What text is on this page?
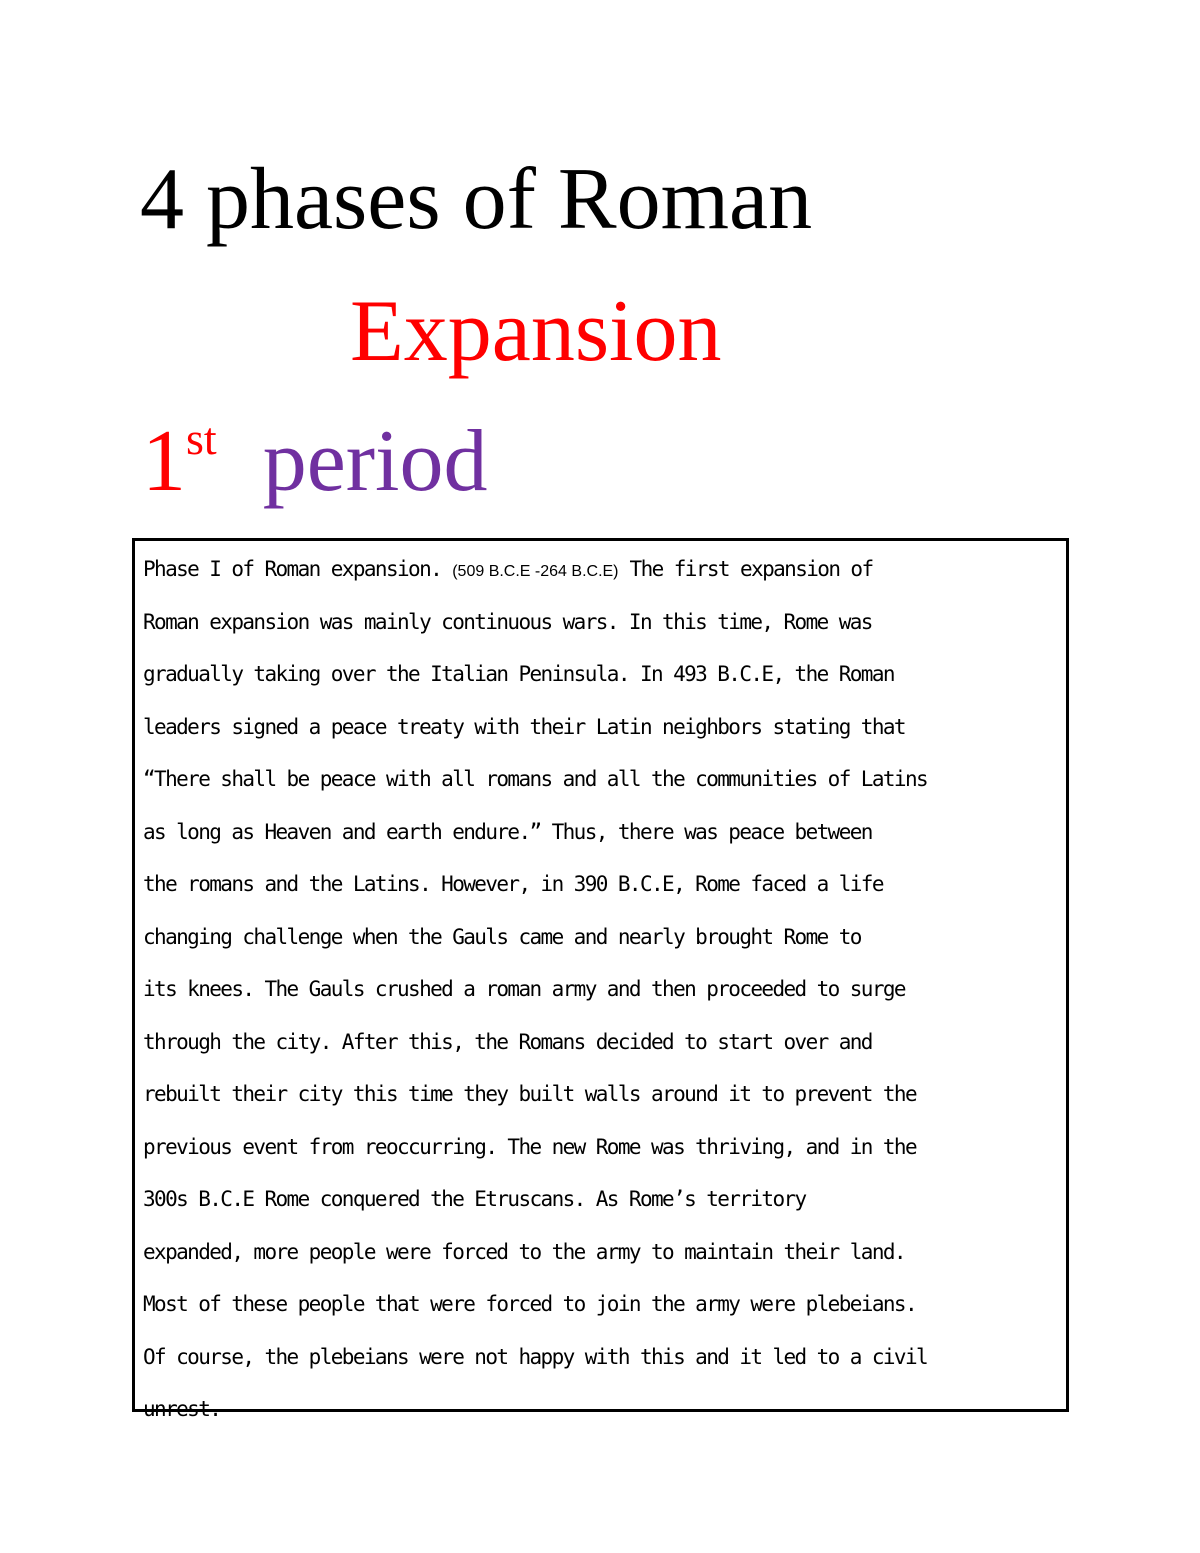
4 phases of Roman
Expansion
1st period
Phase I of Roman expansion. (509 B.C.E -264 B.C.E) The first expansion of
Roman expansion was mainly continuous wars. In this time, Rome was
gradually taking over the Italian Peninsula. In 493 B.C.E, the Roman
leaders signed a peace treaty with their Latin neighbors stating that
“There shall be peace with all romans and all the communities of Latins
as long as Heaven and earth endure.” Thus, there was peace between
the romans and the Latins. However, in 390 B.C.E, Rome faced a life
changing challenge when the Gauls came and nearly brought Rome to
its knees. The Gauls crushed a roman army and then proceeded to surge
through the city. After this, the Romans decided to start over and
rebuilt their city this time they built walls around it to prevent the
previous event from reoccurring. The new Rome was thriving, and in the
300s B.C.E Rome conquered the Etruscans. As Rome’s territory
expanded, more people were forced to the army to maintain their land.
Most of these people that were forced to join the army were plebeians.
Of course, the plebeians were not happy with this and it led to a civil
unrest.
